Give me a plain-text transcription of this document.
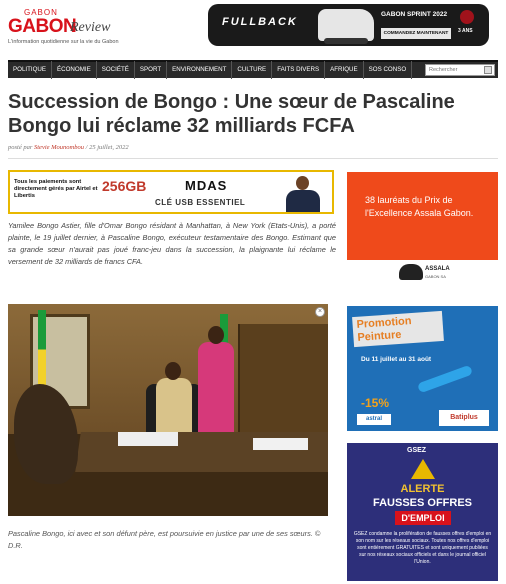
GABON
GABON
Review
L'information quotidienne sur la vie du Gabon
FULLBACK
GABON SPRINT 2022
COMMANDEZ MAINTENANT	3 ANS
POLITIQUE	ÉCONOMIE	SOCIÉTÉ	SPORT	ENVIRONNEMENT	CULTURE	FAITS DIVERS	AFRIQUE	SOS CONSO
Rechercher
Succession de Bongo : Une sœur de Pascaline Bongo lui réclame 32 milliards FCFA
posté par Stevie Mounombou / 25 juillet, 2022
Tous les paiements sont directement gérés par Airtel et Libertis
256GB	MDAS
CLÉ USB ESSENTIEL

Yamilee Bongo Astier, fille d'Omar Bongo résidant à Manhattan, à New York (Etats-Unis), a porté plainte, le 19 juillet dernier, à Pascaline Bongo, exécuteur testamentaire des Bongo. Estimant que sa grande sœur n'aurait pas joué franc-jeu dans la succession, la plaignante lui réclame le versement de 32 milliards de francs CFA.

×

Pascaline Bongo, ici avec et son défunt père, est poursuivie en justice par une de ses sœurs. © D.R.

38 lauréats du Prix de l'Excellence Assala Gabon.
ASSALA
GABON SA
Promotion Peinture
Du 11 juillet au 31 août
-15%
astral	Batiplus
GSEZ
ALERTE
FAUSSES OFFRES
D'EMPLOI

GSEZ condamne la prolifération de fausses offres d'emploi en son nom sur les réseaux sociaux. Toutes nos offres d'emploi sont entièrement GRATUITES et sont uniquement publiées sur nos réseaux sociaux officiels et dans le journal officiel l'Union.
